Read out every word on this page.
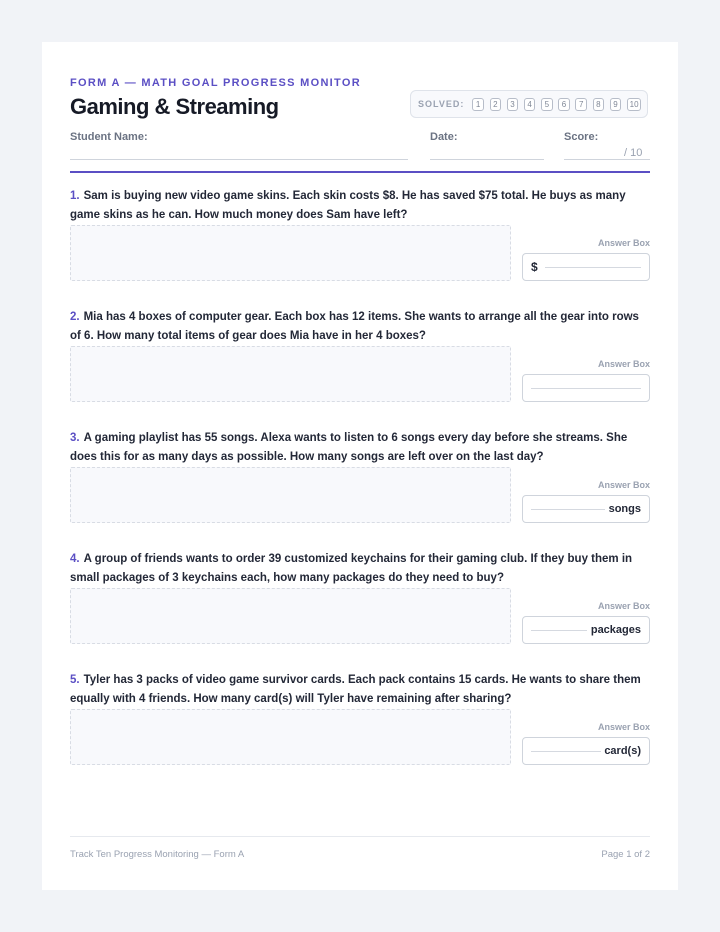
FORM A — MATH GOAL PROGRESS MONITOR
Gaming & Streaming	SOLVED:	1	2	3	4	5	6	7	8	9	10
Student Name:	Date:	Score:
/ 10
1. Sam is buying new video game skins. Each skin costs $8. He has saved $75 total. He buys as many game skins as he can. How much money does Sam have left?
Answer Box
$
2. Mia has 4 boxes of computer gear. Each box has 12 items. She wants to arrange all the gear into rows of 6. How many total items of gear does Mia have in her 4 boxes?
Answer Box
3. A gaming playlist has 55 songs. Alexa wants to listen to 6 songs every day before she streams. She does this for as many days as possible. How many songs are left over on the last day?
Answer Box
songs
4. A group of friends wants to order 39 customized keychains for their gaming club. If they buy them in small packages of 3 keychains each, how many packages do they need to buy?
Answer Box
packages
5. Tyler has 3 packs of video game survivor cards. Each pack contains 15 cards. He wants to share them equally with 4 friends. How many card(s) will Tyler have remaining after sharing?
Answer Box
card(s)
Track Ten Progress Monitoring — Form A	Page 1 of 2
